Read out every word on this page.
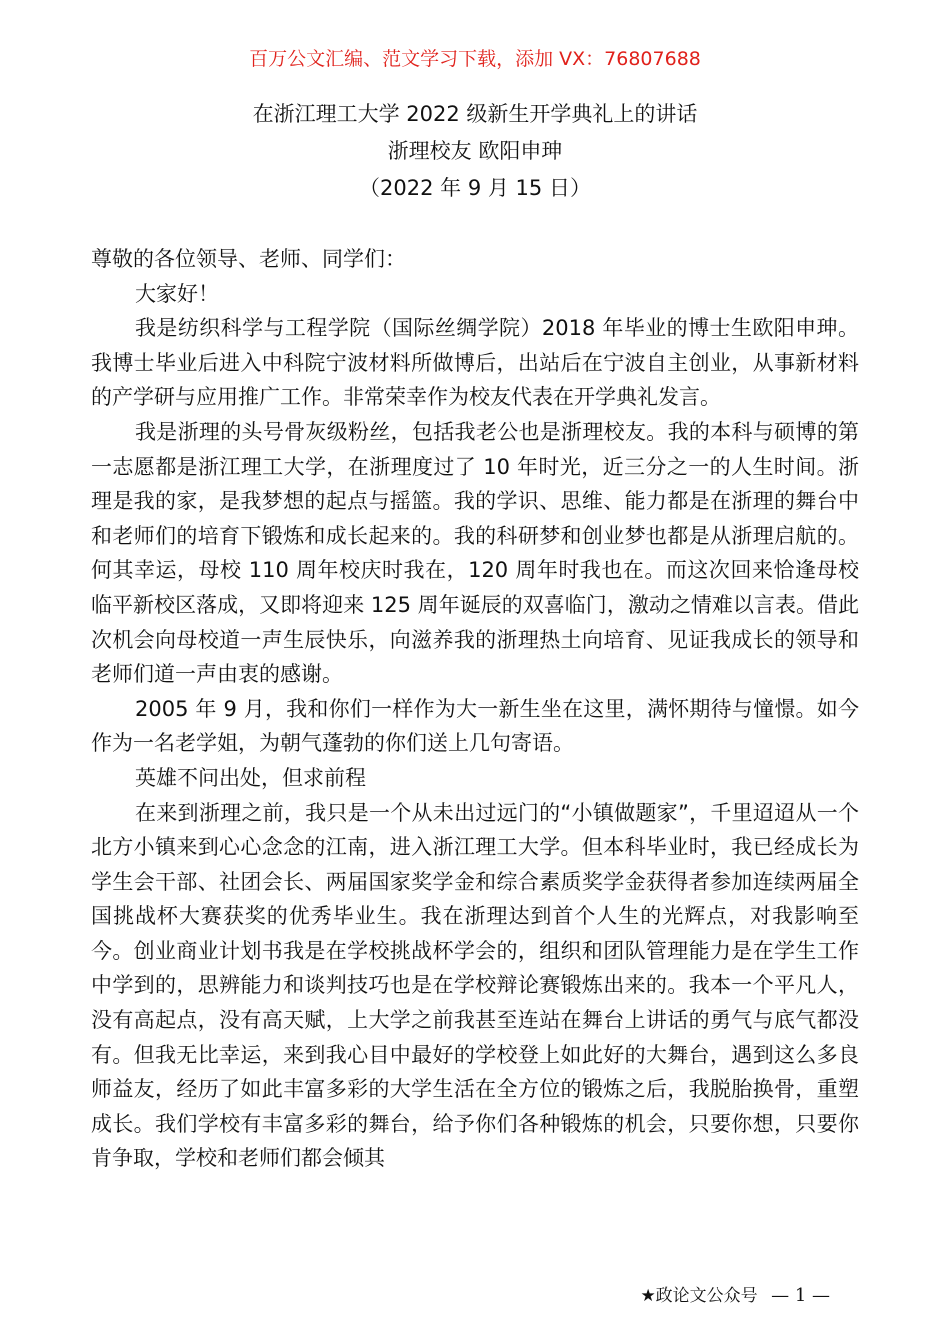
百万公文汇编、范文学习下载，添加 VX：76807688
在浙江理工大学 2022 级新生开学典礼上的讲话
浙理校友 欧阳申珅
（2022 年 9 月 15 日）

尊敬的各位领导、老师、同学们：

大家好！

我是纺织科学与工程学院（国际丝绸学院）2018 年毕业的博士生欧阳申珅。我博士毕业后进入中科院宁波材料所做博后，出站后在宁波自主创业，从事新材料的产学研与应用推广工作。非常荣幸作为校友代表在开学典礼发言。

我是浙理的头号骨灰级粉丝，包括我老公也是浙理校友。我的本科与硕博的第一志愿都是浙江理工大学，在浙理度过了 10 年时光，近三分之一的人生时间。浙理是我的家，是我梦想的起点与摇篮。我的学识、思维、能力都是在浙理的舞台中和老师们的培育下锻炼和成长起来的。我的科研梦和创业梦也都是从浙理启航的。何其幸运，母校 110 周年校庆时我在，120 周年时我也在。而这次回来恰逢母校临平新校区落成，又即将迎来 125 周年诞辰的双喜临门，激动之情难以言表。借此次机会向母校道一声生辰快乐，向滋养我的浙理热土向培育、见证我成长的领导和老师们道一声由衷的感谢。

2005 年 9 月，我和你们一样作为大一新生坐在这里，满怀期待与憧憬。如今作为一名老学姐，为朝气蓬勃的你们送上几句寄语。

英雄不问出处，但求前程

在来到浙理之前，我只是一个从未出过远门的“小镇做题家”，千里迢迢从一个北方小镇来到心心念念的江南，进入浙江理工大学。但本科毕业时，我已经成长为学生会干部、社团会长、两届国家奖学金和综合素质奖学金获得者参加连续两届全国挑战杯大赛获奖的优秀毕业生。我在浙理达到首个人生的光辉点，对我影响至今。创业商业计划书我是在学校挑战杯学会的，组织和团队管理能力是在学生工作中学到的，思辨能力和谈判技巧也是在学校辩论赛锻炼出来的。我本一个平凡人，没有高起点，没有高天赋，上大学之前我甚至连站在舞台上讲话的勇气与底气都没有。但我无比幸运，来到我心目中最好的学校登上如此好的大舞台，遇到这么多良师益友，经历了如此丰富多彩的大学生活在全方位的锻炼之后，我脱胎换骨，重塑成长。我们学校有丰富多彩的舞台，给予你们各种锻炼的机会，只要你想，只要你肯争取，学校和老师们都会倾其

★政论文公众号 — 1 —
